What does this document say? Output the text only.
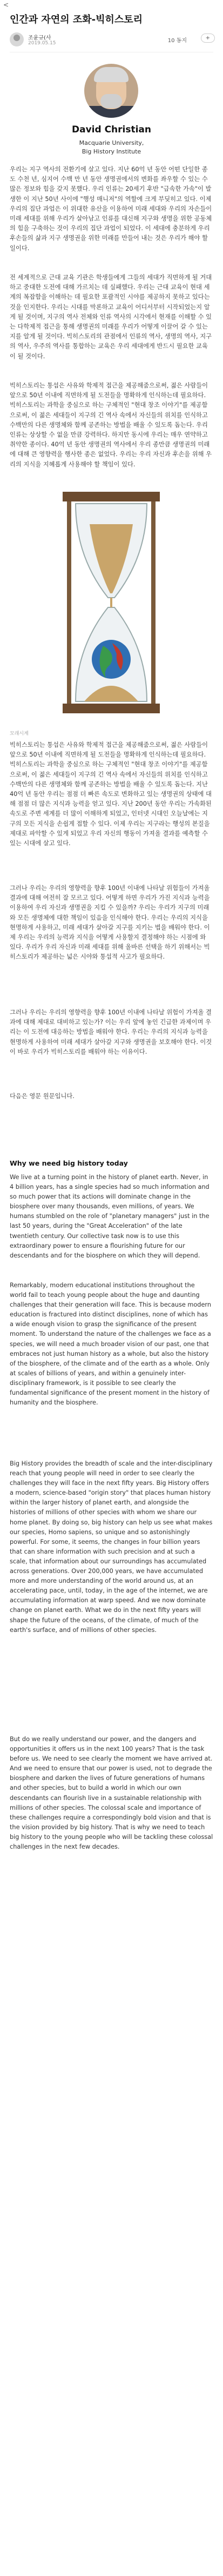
<
인간과 자연의 조화-빅히스토리
조윤규(사
2019.05.15	10 동지	+
David Christian
Macquarie University,
Big History Institute

우리는 지구 역사의 전환기에 살고 있다. 지난 60억 년 동안 어떤 단일한 종도 수천 년, 심지어 수백 만 년 동안 생명권에서의 변화를 좌우할 수 있는 수많은 정보와 힘을 갖지 못했다. 우리 인류는 20세기 후반 "급속한 가속"이 발생한 이 지난 50년 사이에 "행성 매니저"의 역할에 크게 부딪히고 있다. 이제 우리의 집단 과업은 이 위대한 유산을 이용하여 미래 세대와 우리의 자손들이 미래 세대를 위해 우리가 살아남고 인류를 대신해 지구와 생명을 위한 공동체의 힘을 구축하는 것이 우리의 집단 과업이 되었다. 이 세대에 충분하게 우리 후손들의 삶과 지구 생명권을 위한 미래를 만들어 내는 것은 우리가 해야 할 일이다.

전 세계적으로 근대 교육 기관은 학생들에게 그들의 세대가 직면하게 될 거대하고 중대한 도전에 대해 가르치는 데 실패했다. 우리는 근대 교육이 현대 세계의 복잡함을 이해하는 데 필요한 포괄적인 시야를 제공하지 못하고 있다는 것을 인지한다. 우리는 시대를 막론하고 교육이 어디서부터 시작되었는지 알게 될 것이며, 지구의 역사 전체와 인류 역사의 시각에서 현재를 이해할 수 있는 다학제적 접근을 통해 생명권의 미래를 우리가 어떻게 이끌어 갈 수 있는지를 알게 될 것이다. 빅히스토리의 관점에서 인류의 역사, 생명의 역사, 지구의 역사, 우주의 역사를 통합하는 교육은 우리 세대에게 반드시 필요한 교육이 될 것이다.

빅히스토리는 통섭은 사유와 학제적 접근을 제공해줌으로써, 젊은 사람들이 앞으로 50년 이내에 직면하게 될 도전들을 명확하게 인식하는데 필요하다. 빅히스토리는 과학을 중심으로 하는 구체적인 "현대 창조 이야기"를 제공함으로써, 이 젊은 세대들이 지구의 긴 역사 속에서 자신들의 위치를 인식하고 수백만의 다른 생명체와 함께 공존하는 방법을 배울 수 있도록 돕는다. 우리 인류는 상상할 수 없을 만큼 강력하다. 하지만 동시에 우리는 매우 연약하고 취약한 종이다. 40억 년 동안 생명권의 역사에서 우리 종만큼 생명권의 미래에 대해 큰 영향력을 행사한 종은 없었다. 우리는 우리 자신과 후손을 위해 우리의 지식을 지혜롭게 사용해야 할 책임이 있다.

모래시계

빅히스토리는 통섭은 사유와 학제적 접근을 제공해줌으로써, 젊은 사람들이 앞으로 50년 이내에 직면하게 될 도전들을 명확하게 인식하는데 필요하다. 빅히스토리는 과학을 중심으로 하는 구체적인 "현대 창조 이야기"를 제공함으로써, 이 젊은 세대들이 지구의 긴 역사 속에서 자신들의 위치를 인식하고 수백만의 다른 생명체와 함께 공존하는 방법을 배울 수 있도록 돕는다. 지난 40억 년 동안 우리는 점점 더 빠른 속도로 변화하고 있는 생명권의 상태에 대해 점점 더 많은 지식과 능력을 얻고 있다. 지난 200년 동안 우리는 가속화된 속도로 주변 세계를 더 많이 이해하게 되었고, 인터넷 시대인 오늘날에는 지구의 모든 지식을 손쉽게 접할 수 있다. 이제 우리는 지구라는 행성의 본질을 제대로 파악할 수 있게 되었고 우리 자신의 행동이 가져올 결과를 예측할 수 있는 시대에 살고 있다.

그러나 우리는 우리의 영향력을 향후 100년 이내에 나타날 위험들이 가져올 결과에 대해 여전히 잘 모르고 있다. 어떻게 하면 우리가 가진 지식과 능력을 이용하여 우리 자신과 생명권을 지킬 수 있을까? 우리는 우리가 지구의 미래와 모든 생명체에 대한 책임이 있음을 인식해야 한다. 우리는 우리의 지식을 현명하게 사용하고, 미래 세대가 살아갈 지구를 지키는 법을 배워야 한다. 이제 우리는 우리의 능력과 지식을 어떻게 사용할지 결정해야 하는 시점에 와 있다. 우리가 우리 자신과 미래 세대를 위해 올바른 선택을 하기 위해서는 빅히스토리가 제공하는 넓은 시야와 통섭적 사고가 필요하다.

그러나 우리는 우리의 영향력을 향후 100년 이내에 나타날 위험이 가져올 결과에 대해 제대로 대비하고 있는가? 이는 우리 앞에 놓인 긴급한 과제이며 우리는 이 도전에 대응하는 방법을 배워야 한다. 우리는 우리의 지식과 능력을 현명하게 사용하여 미래 세대가 살아갈 지구와 생명권을 보호해야 한다. 이것이 바로 우리가 빅히스토리를 배워야 하는 이유이다.

다음은 영문 원문입니다.

Why we need big history today

We live at a turning point in the history of planet earth. Never, in 4 billion years, has a single species had so much information and so much power that its actions will dominate change in the biosphere over many thousands, even millions, of years. We humans stumbled on the role of "planetary managers" just in the last 50 years, during the "Great Acceleration" of the late twentieth century. Our collective task now is to use this extraordinary power to ensure a flourishing future for our descendants and for the biosphere on which they will depend.

Remarkably, modern educational institutions throughout the world fail to teach young people about the huge and daunting challenges that their generation will face. This is because modern education is fractured into distinct disciplines, none of which has a wide enough vision to grasp the significance of the present moment. To understand the nature of the challenges we face as a species, we will need a much broader vision of our past, one that embraces not just human history as a whole, but also the history of the biosphere, of the climate and of the earth as a whole. Only at scales of billions of years, and within a genuinely inter-disciplinary framework, is it possible to see clearly the fundamental significance of the present moment in the history of humanity and the biosphere.

Big History provides the breadth of scale and the inter-disciplinary reach that young people will need in order to see clearly the challenges they will face in the next fifty years. Big History offers a modern, science-based "origin story" that places human history within the larger history of planet earth, and alongside the histories of millions of other species with whom we share our home planet. By doing so, big history can help us see what makes our species, Homo sapiens, so unique and so astonishingly powerful. For some, it seems, the changes in four billion years that can share information with such precision and at such a scale, that information about our surroundings has accumulated across generations. Over 200,000 years, we have accumulated more and more understanding of the world around us, at an accelerating pace, until, today, in the age of the internet, we are accumulating information at warp speed. And we now dominate change on planet earth. What we do in the next fifty years will shape the future of the oceans, of the climate, of much of the earth's surface, and of millions of other species.

But do we really understand our power, and the dangers and opportunities it offers us in the next 100 years? That is the task before us. We need to see clearly the moment we have arrived at. And we need to ensure that our power is used, not to degrade the biosphere and darken the lives of future generations of humans and other species, but to build a world in which our own descendants can flourish live in a sustainable relationship with millions of other species. The colossal scale and importance of these challenges require a correspondingly bold vision and that is the vision provided by big history. That is why we need to teach big history to the young people who will be tackling these colossal challenges in the next few decades.
